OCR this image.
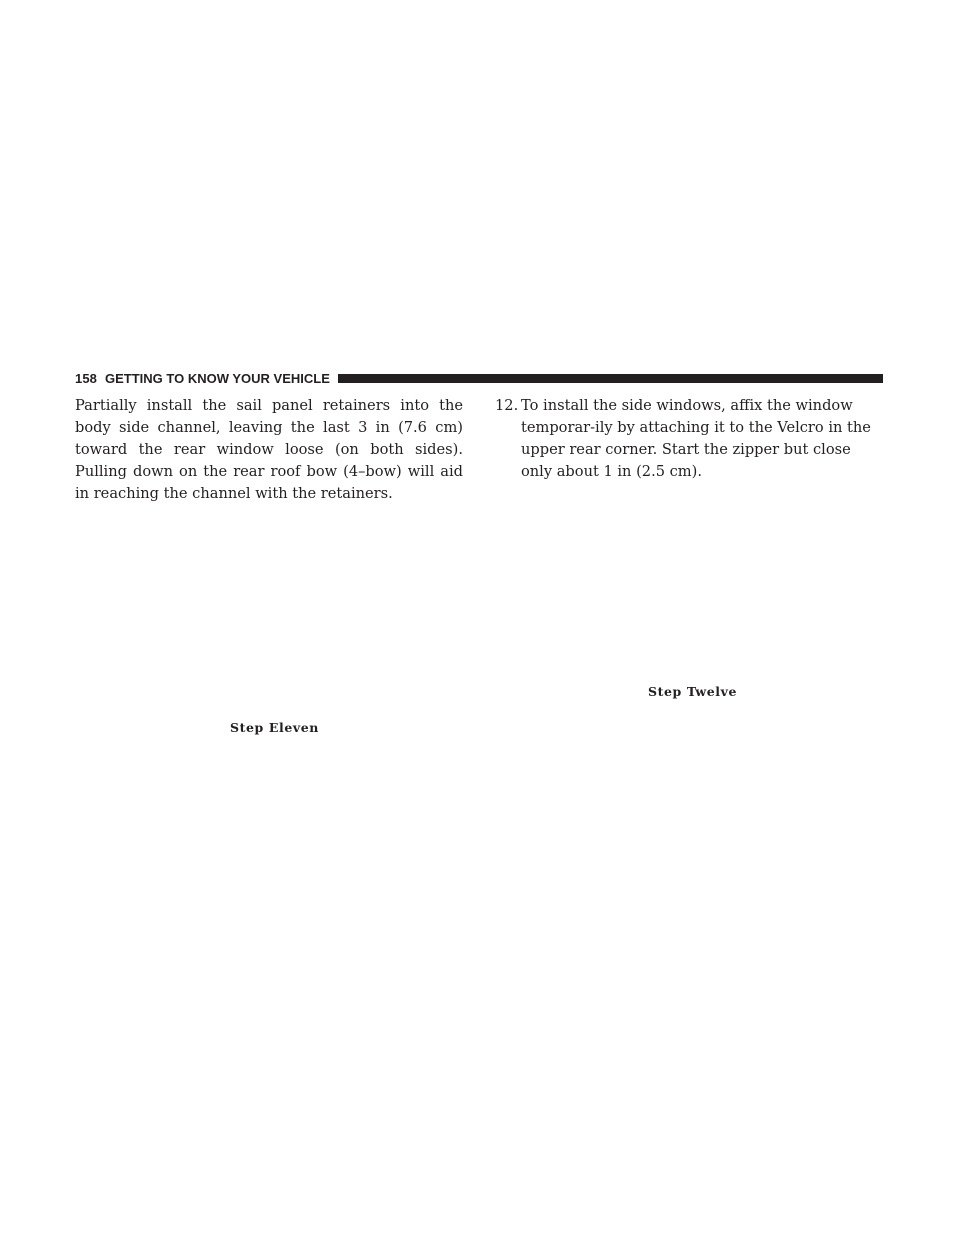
158 GETTING TO KNOW YOUR VEHICLE

Partially install the sail panel retainers into the body side channel, leaving the last 3 in (7.6 cm) toward the rear window loose (on both sides). Pulling down on the rear roof bow (4–bow) will aid in reaching the channel with the retainers.

12. To install the side windows, affix the window temporar-ily by attaching it to the Velcro in the upper rear corner. Start the zipper but close only about 1 in (2.5 cm).

Step Eleven
Step Twelve
